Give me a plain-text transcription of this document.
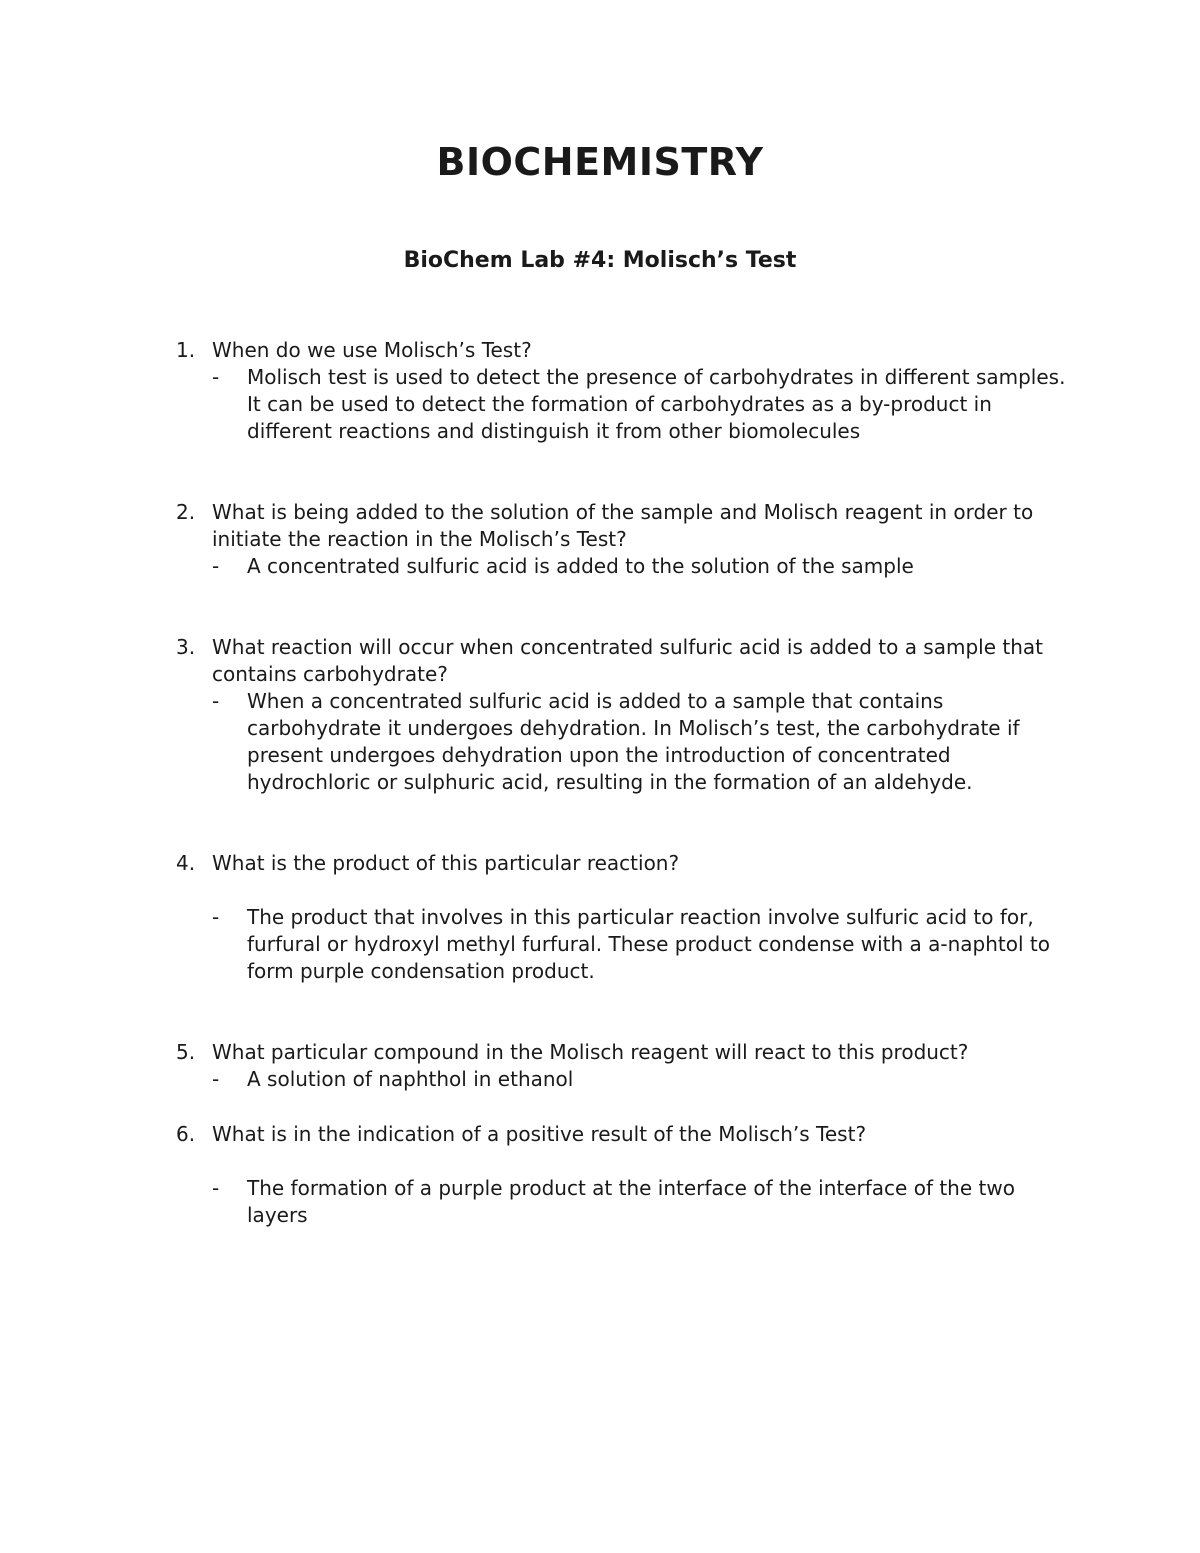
BIOCHEMISTRY
BioChem Lab #4: Molisch’s Test
1. When do we use Molisch’s Test?
- Molisch test is used to detect the presence of carbohydrates in different samples. It can be used to detect the formation of carbohydrates as a by-product in different reactions and distinguish it from other biomolecules
2. What is being added to the solution of the sample and Molisch reagent in order to initiate the reaction in the Molisch’s Test?
- A concentrated sulfuric acid is added to the solution of the sample
3. What reaction will occur when concentrated sulfuric acid is added to a sample that contains carbohydrate?
- When a concentrated sulfuric acid is added to a sample that contains carbohydrate it undergoes dehydration. In Molisch’s test, the carbohydrate if present undergoes dehydration upon the introduction of concentrated hydrochloric or sulphuric acid, resulting in the formation of an aldehyde.
4. What is the product of this particular reaction?
- The product that involves in this particular reaction involve sulfuric acid to for, furfural or hydroxyl methyl furfural. These product condense with a a-naphtol to form purple condensation product.
5. What particular compound in the Molisch reagent will react to this product?
- A solution of naphthol in ethanol
6. What is in the indication of a positive result of the Molisch’s Test?
- The formation of a purple product at the interface of the interface of the two layers
